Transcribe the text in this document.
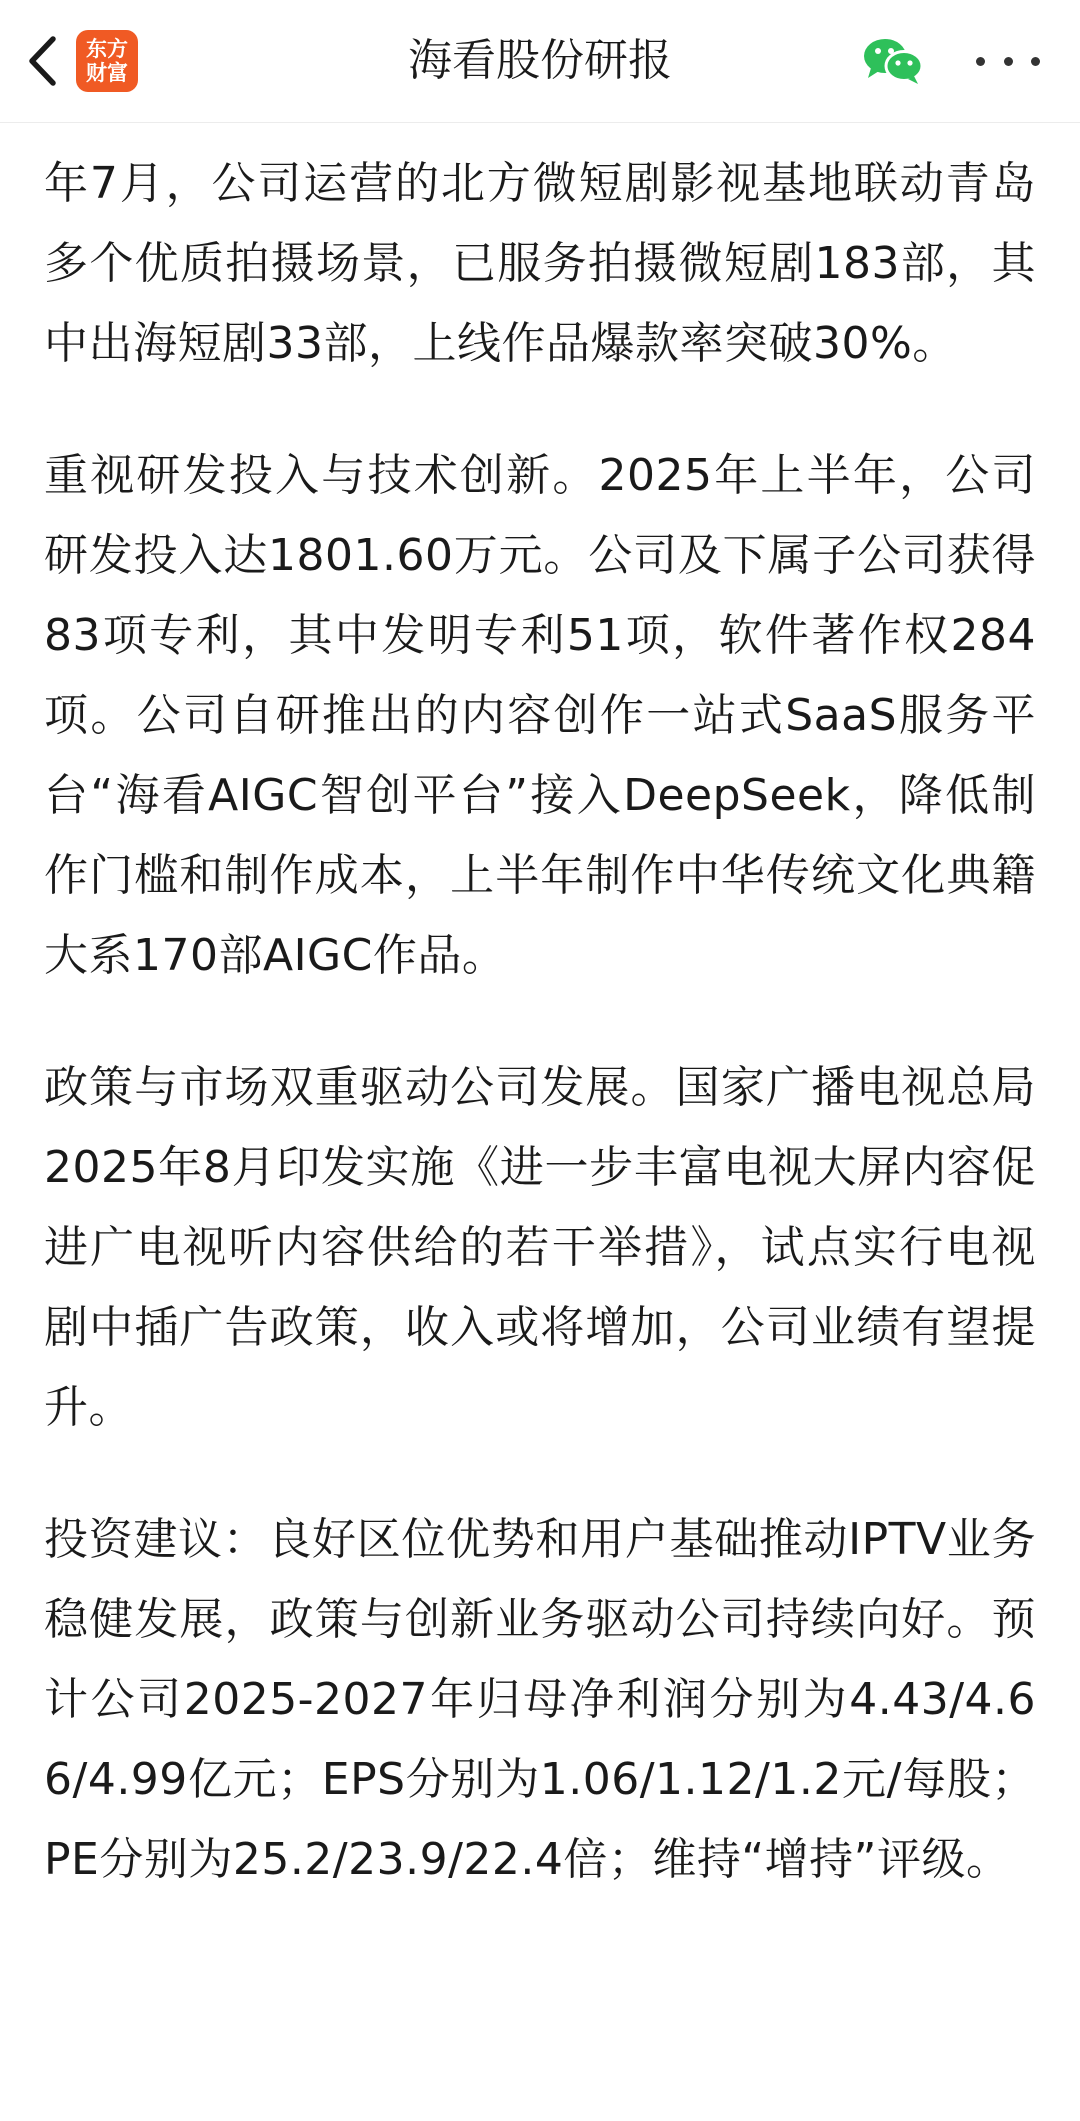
东方
财富	海看股份研报

年7月，公司运营的北方微短剧影视基地联动青岛多个优质拍摄场景，已服务拍摄微短剧183部，其中出海短剧33部，上线作品爆款率突破30%。

重视研发投入与技术创新。2025年上半年，公司研发投入达1801.60万元。公司及下属子公司获得83项专利，其中发明专利51项，软件著作权284项。公司自研推出的内容创作一站式SaaS服务平台“海看AIGC智创平台”接入DeepSeek，降低制作门槛和制作成本，上半年制作中华传统文化典籍大系170部AIGC作品。

政策与市场双重驱动公司发展。国家广播电视总局2025年8月印发实施《进一步丰富电视大屏内容促进广电视听内容供给的若干举措》，试点实行电视剧中插广告政策，收入或将增加，公司业绩有望提升。

投资建议：良好区位优势和用户基础推动IPTV业务稳健发展，政策与创新业务驱动公司持续向好。预计公司2025-2027年归母净利润分别为4.43/4.66/4.99亿元；EPS分别为1.06/1.12/1.2元/每股；PE分别为25.2/23.9/22.4倍；维持“增持”评级。
